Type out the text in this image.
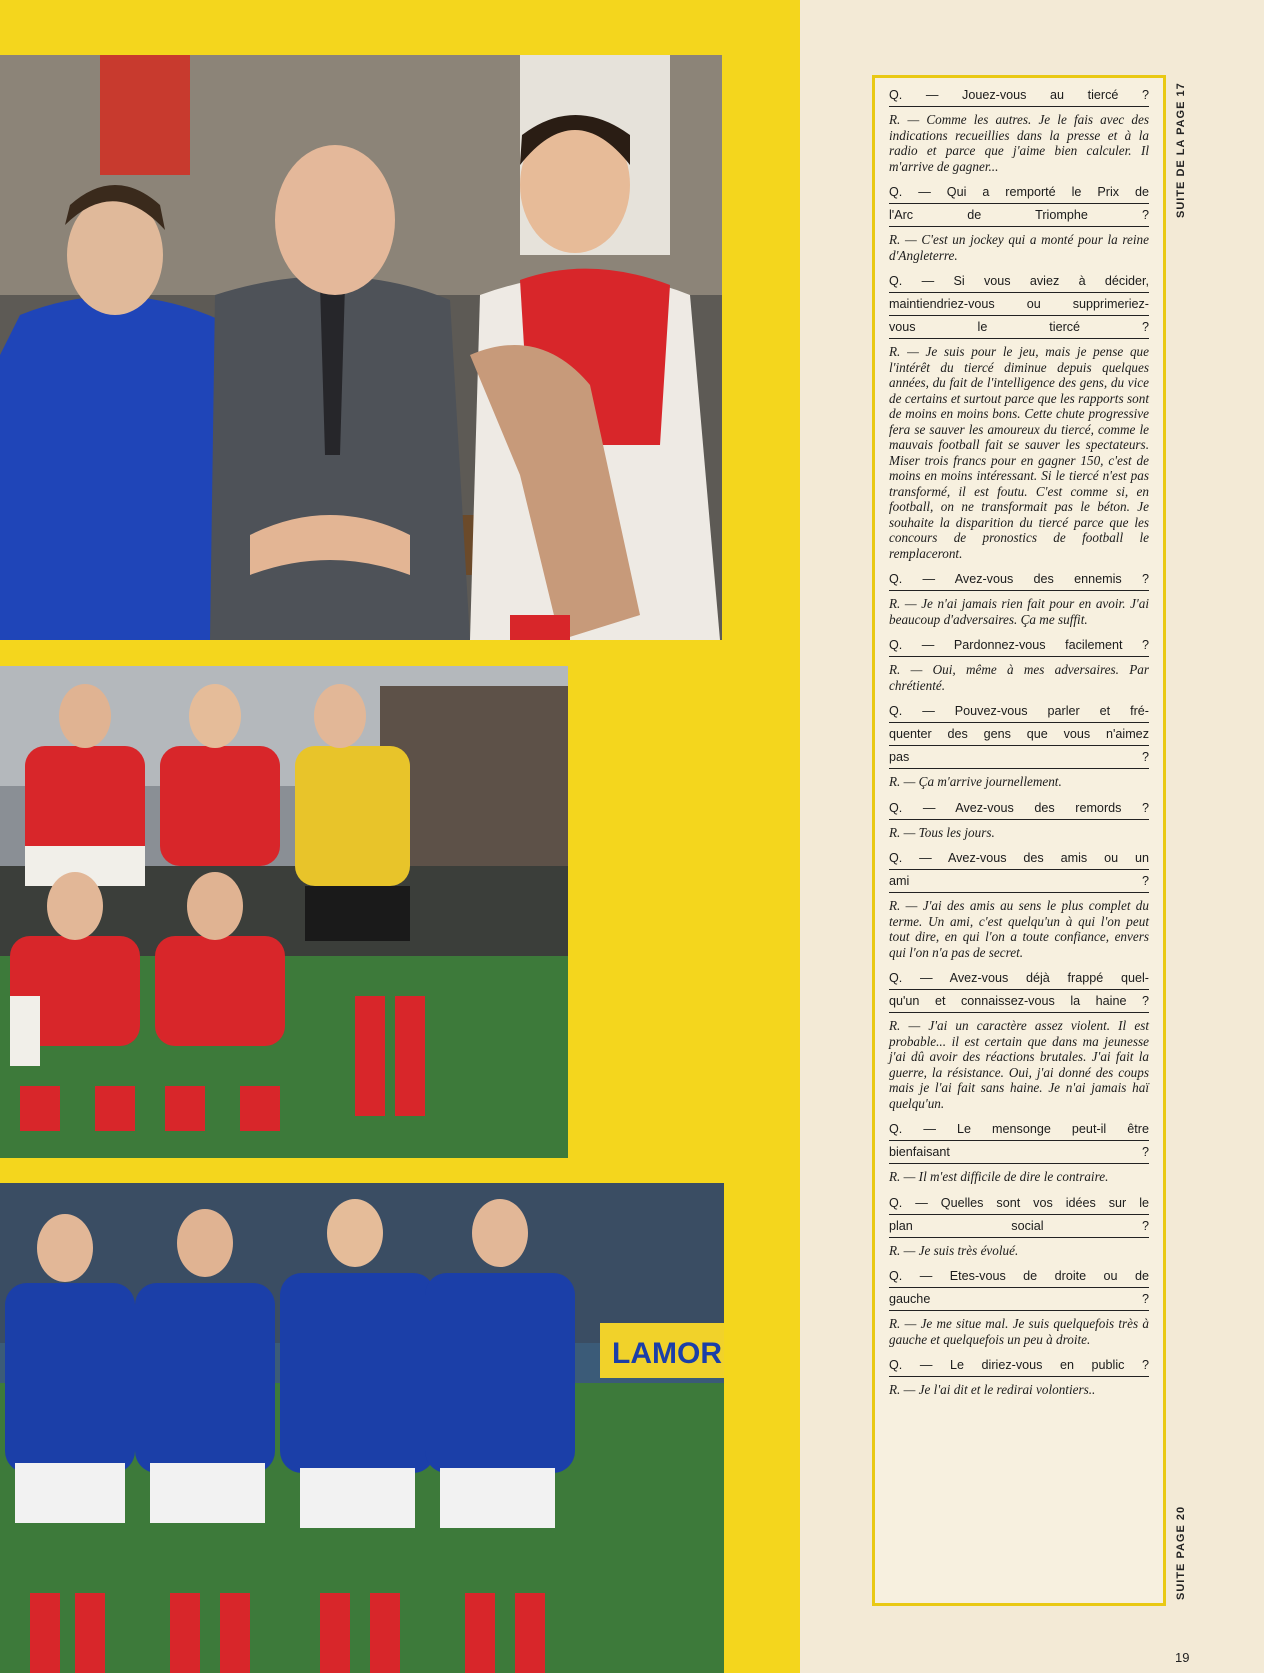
LAMOR
Q. — Jouez-vous au tiercé ?
R. — Comme les autres. Je le fais avec des indications recueillies dans la presse et à la radio et parce que j'aime bien calculer. Il m'arrive de gagner...
Q. — Qui a remporté le Prix de
l'Arc de Triomphe ?
R. — C'est un jockey qui a monté pour la reine d'Angleterre.
Q. — Si vous aviez à décider,
maintiendriez-vous ou supprimeriez-
vous le tiercé ?
R. — Je suis pour le jeu, mais je pense que l'intérêt du tiercé diminue depuis quelques années, du fait de l'intelligence des gens, du vice de certains et surtout parce que les rapports sont de moins en moins bons. Cette chute progressive fera se sauver les amoureux du tiercé, comme le mauvais football fait se sauver les spectateurs. Miser trois francs pour en gagner 150, c'est de moins en moins intéressant. Si le tiercé n'est pas transformé, il est foutu. C'est comme si, en football, on ne transformait pas le béton. Je souhaite la disparition du tiercé parce que les concours de pronostics de football le remplaceront.
Q. — Avez-vous des ennemis ?
R. — Je n'ai jamais rien fait pour en avoir. J'ai beaucoup d'adversaires. Ça me suffit.
Q. — Pardonnez-vous facilement ?
R. — Oui, même à mes adversaires. Par chrétienté.
Q. — Pouvez-vous parler et fré-
quenter des gens que vous n'aimez
pas ?
R. — Ça m'arrive journellement.
Q. — Avez-vous des remords ?
R. — Tous les jours.
Q. — Avez-vous des amis ou un
ami ?
R. — J'ai des amis au sens le plus complet du terme. Un ami, c'est quelqu'un à qui l'on peut tout dire, en qui l'on a toute confiance, envers qui l'on n'a pas de secret.
Q. — Avez-vous déjà frappé quel-
qu'un et connaissez-vous la haine ?
R. — J'ai un caractère assez violent. Il est probable... il est certain que dans ma jeunesse j'ai dû avoir des réactions brutales. J'ai fait la guerre, la résistance. Oui, j'ai donné des coups mais je l'ai fait sans haine. Je n'ai jamais haï quelqu'un.
Q. — Le mensonge peut-il être
bienfaisant ?
R. — Il m'est difficile de dire le contraire.
Q. — Quelles sont vos idées sur le
plan social ?
R. — Je suis très évolué.
Q. — Etes-vous de droite ou de
gauche ?
R. — Je me situe mal. Je suis quelquefois très à gauche et quelquefois un peu à droite.
Q. — Le diriez-vous en public ?
R. — Je l'ai dit et le redirai volontiers..
SUITE DE LA PAGE 17
SUITE PAGE 20
19
